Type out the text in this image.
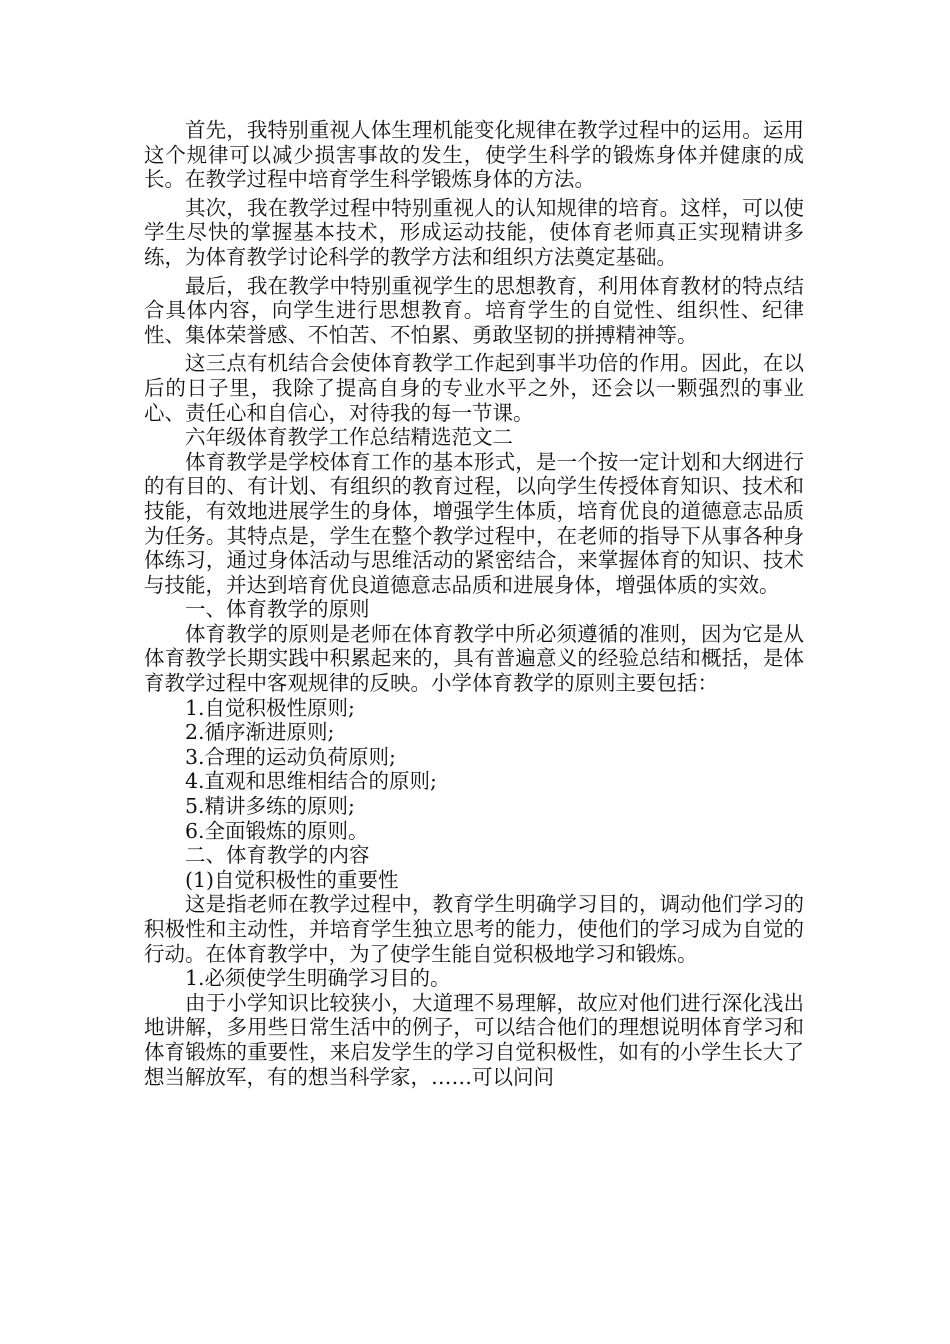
首先，我特别重视人体生理机能变化规律在教学过程中的运用。运用这个规律可以减少损害事故的发生，使学生科学的锻炼身体并健康的成长。在教学过程中培育学生科学锻炼身体的方法。

其次，我在教学过程中特别重视人的认知规律的培育。这样，可以使学生尽快的掌握基本技术，形成运动技能，使体育老师真正实现精讲多练，为体育教学讨论科学的教学方法和组织方法奠定基础。

最后，我在教学中特别重视学生的思想教育，利用体育教材的特点结合具体内容，向学生进行思想教育。培育学生的自觉性、组织性、纪律性、集体荣誉感、不怕苦、不怕累、勇敢坚韧的拼搏精神等。

这三点有机结合会使体育教学工作起到事半功倍的作用。因此，在以后的日子里，我除了提高自身的专业水平之外，还会以一颗强烈的事业心、责任心和自信心，对待我的每一节课。

六年级体育教学工作总结精选范文二

体育教学是学校体育工作的基本形式，是一个按一定计划和大纲进行的有目的、有计划、有组织的教育过程，以向学生传授体育知识、技术和技能，有效地进展学生的身体，增强学生体质，培育优良的道德意志品质为任务。其特点是，学生在整个教学过程中，在老师的指导下从事各种身体练习，通过身体活动与思维活动的紧密结合，来掌握体育的知识、技术与技能，并达到培育优良道德意志品质和进展身体，增强体质的实效。

一、体育教学的原则

体育教学的原则是老师在体育教学中所必须遵循的准则，因为它是从体育教学长期实践中积累起来的，具有普遍意义的经验总结和概括，是体育教学过程中客观规律的反映。小学体育教学的原则主要包括：

1.自觉积极性原则;

2.循序渐进原则;

3.合理的运动负荷原则;

4.直观和思维相结合的原则;

5.精讲多练的原则;

6.全面锻炼的原则。

二、体育教学的内容

(1)自觉积极性的重要性

这是指老师在教学过程中，教育学生明确学习目的，调动他们学习的积极性和主动性，并培育学生独立思考的能力，使他们的学习成为自觉的行动。在体育教学中，为了使学生能自觉积极地学习和锻炼。

1.必须使学生明确学习目的。

由于小学知识比较狭小，大道理不易理解，故应对他们进行深化浅出地讲解，多用些日常生活中的例子，可以结合他们的理想说明体育学习和体育锻炼的重要性，来启发学生的学习自觉积极性，如有的小学生长大了想当解放军，有的想当科学家，……可以问问
